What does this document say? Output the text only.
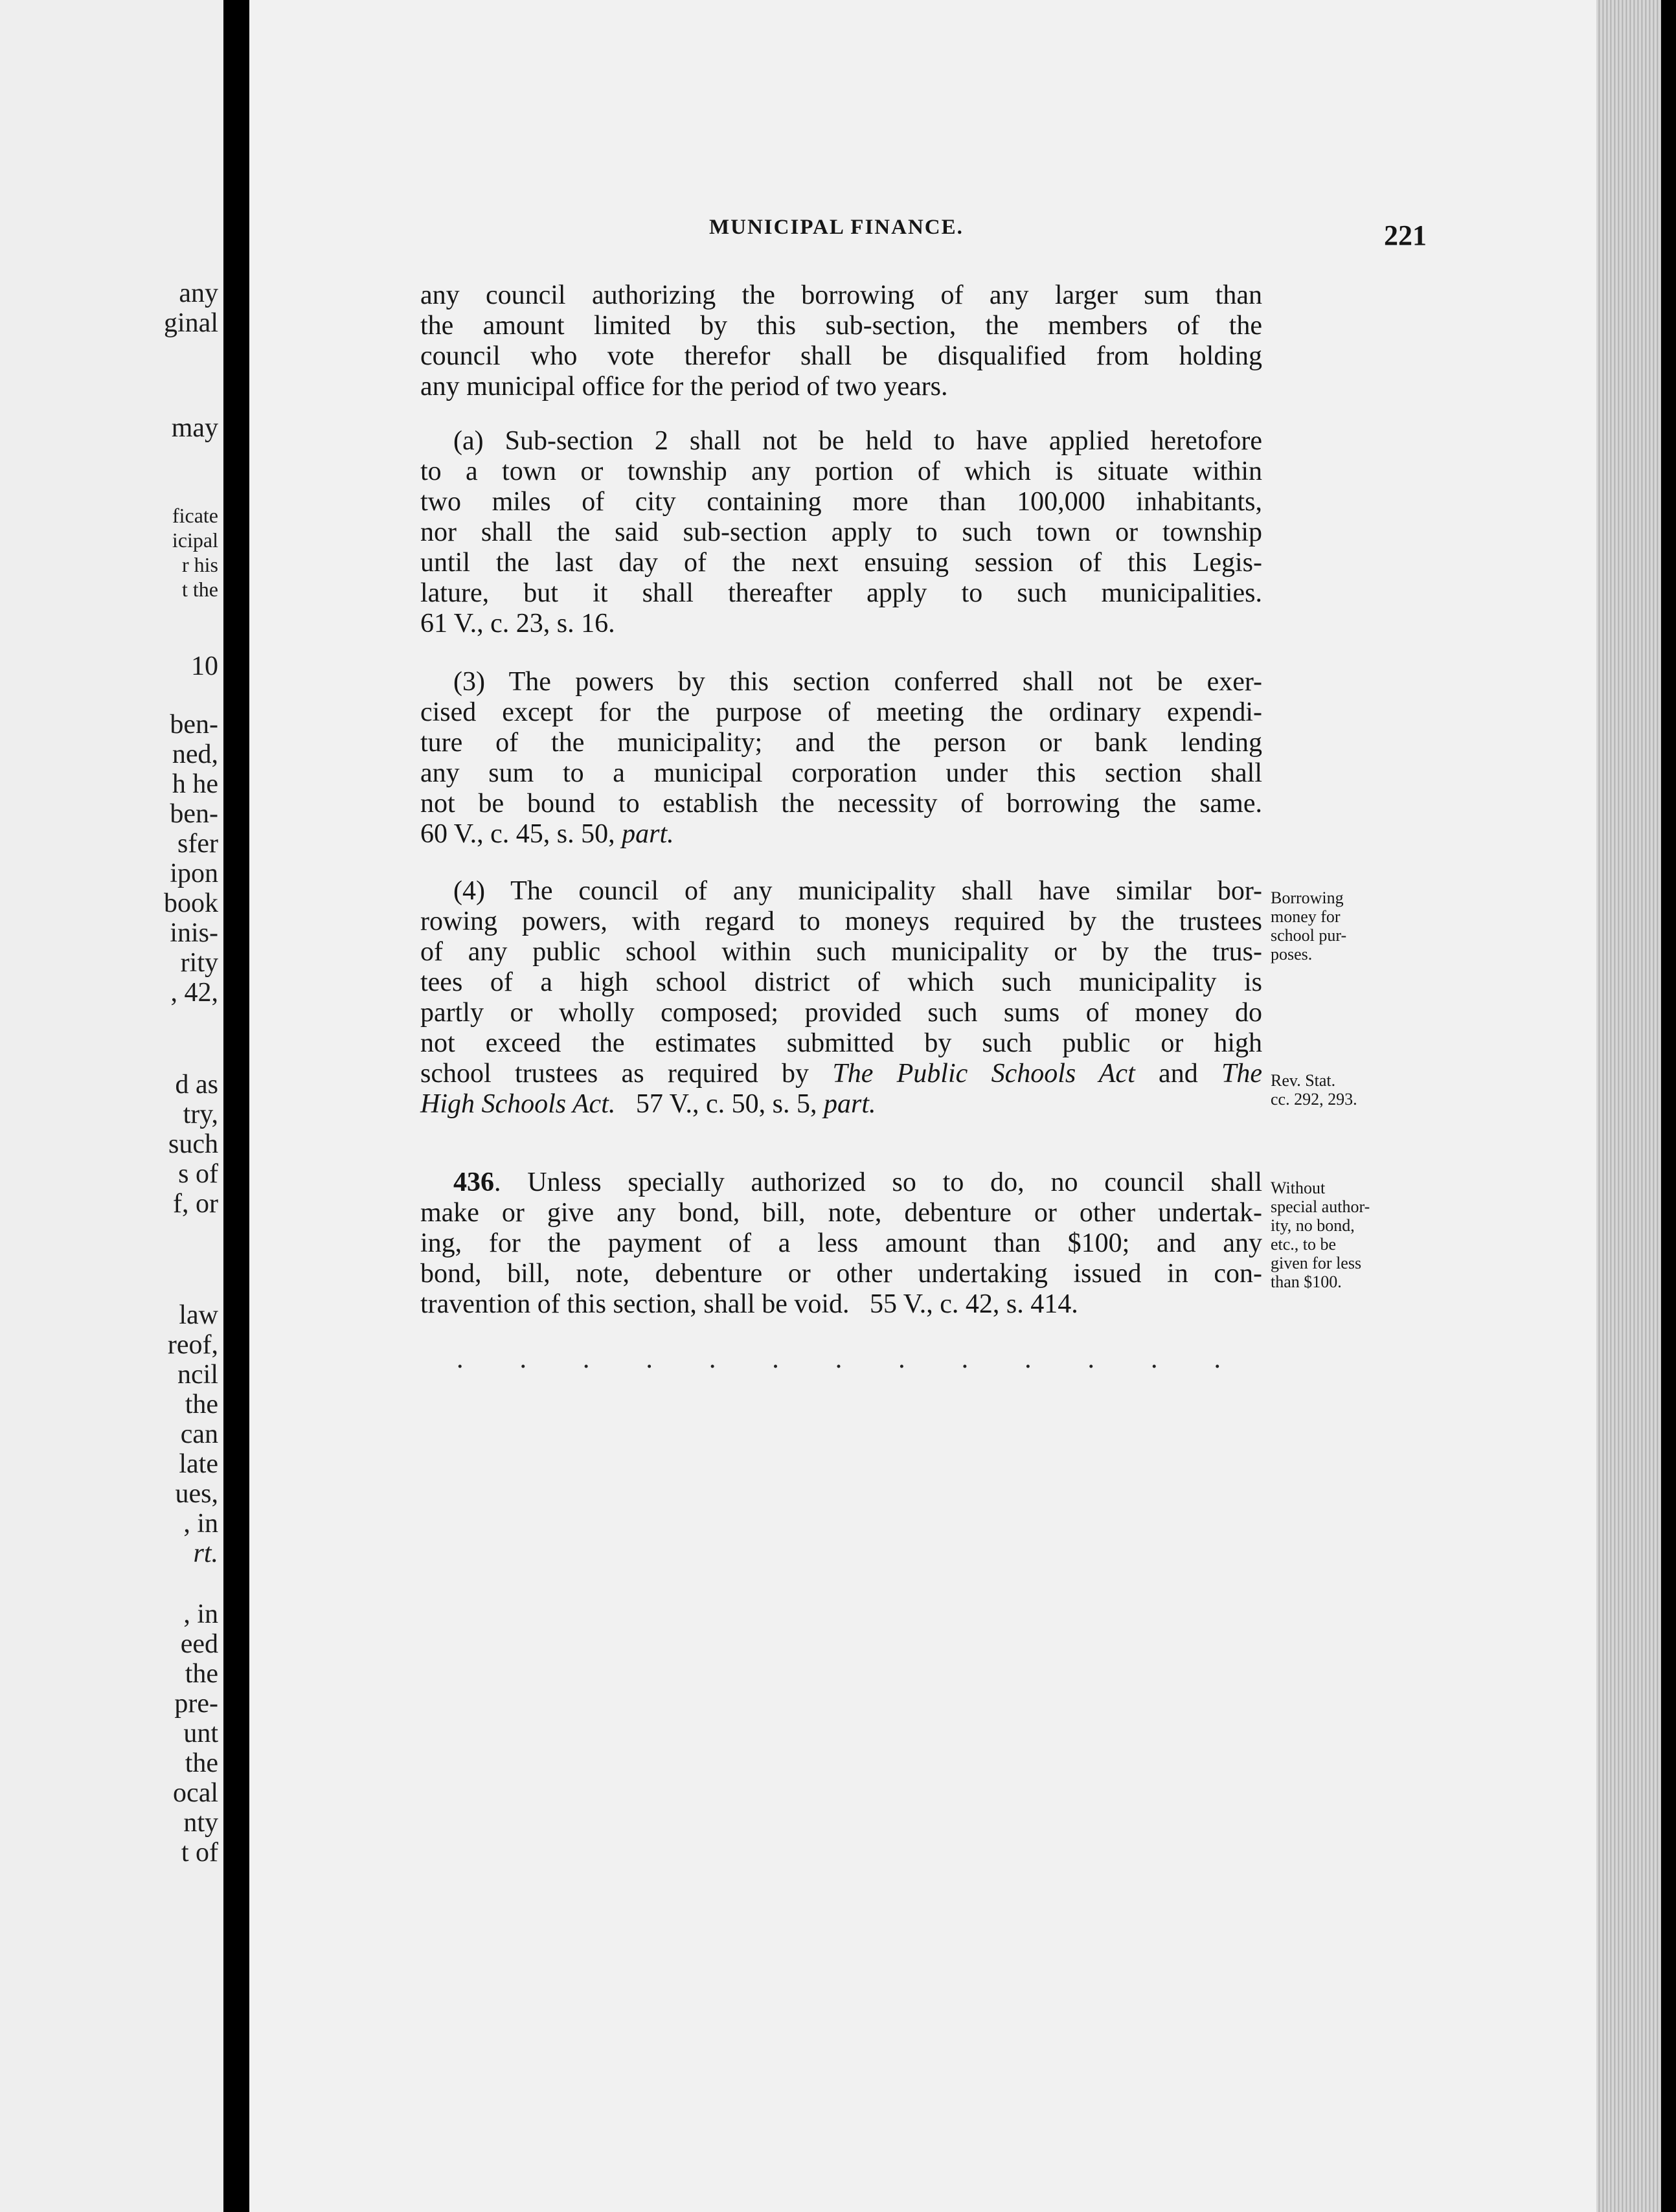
any
ginal
may
ficate
icipal
r his
t the
10
ben-
ned,
h he
ben-
sfer
ipon
book
inis-
rity
, 42,
d as
try,
such
s of
f, or
law
reof,
ncil
the
can
late
ues,
, in
rt.
, in
eed
the
pre-
unt
the
ocal
nty
t of
MUNICIPAL FINANCE.	221
any council authorizing the borrowing of any larger sum than
the amount limited by this sub-section, the members of the
council who vote therefor shall be disqualified from holding
any municipal office for the period of two years.
(a) Sub-section 2 shall not be held to have applied heretofore
to a town or township any portion of which is situate within
two miles of city containing more than 100,000 inhabitants,
nor shall the said sub-section apply to such town or township
until the last day of the next ensuing session of this Legis-
lature, but it shall thereafter apply to such municipalities.
61 V., c. 23, s. 16.
(3) The powers by this section conferred shall not be exer-
cised except for the purpose of meeting the ordinary expendi-
ture of the municipality; and the person or bank lending
any sum to a municipal corporation under this section shall
not be bound to establish the necessity of borrowing the same.
60 V., c. 45, s. 50, part.
(4) The council of any municipality shall have similar bor-
rowing powers, with regard to moneys required by the trustees
of any public school within such municipality or by the trus-
tees of a high school district of which such municipality is
partly or wholly composed; provided such sums of money do
not exceed the estimates submitted by such public or high
school trustees as required by The Public Schools Act and The
High Schools Act. 57 V., c. 50, s. 5, part.
436. Unless specially authorized so to do, no council shall
make or give any bond, bill, note, debenture or other undertak-
ing, for the payment of a less amount than $100; and any
bond, bill, note, debenture or other undertaking issued in con-
travention of this section, shall be void.   55 V., c. 42, s. 414.
. . . . . . . . . . . . .
Borrowing
money for
school pur-
poses.
Rev. Stat.
cc. 292, 293.
Without
special author-
ity, no bond,
etc., to be
given for less
than $100.
